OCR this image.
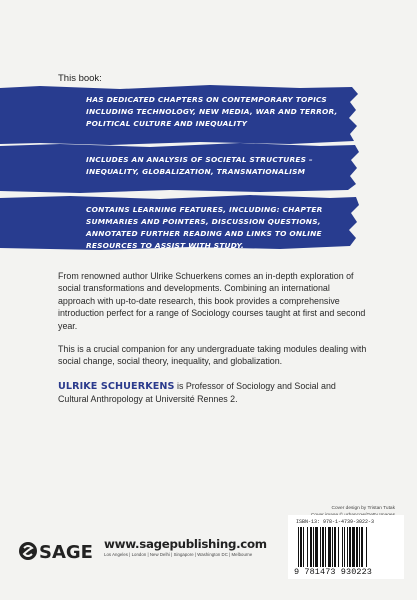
This book:
HAS DEDICATED CHAPTERS ON CONTEMPORARY TOPICS INCLUDING TECHNOLOGY, NEW MEDIA, WAR AND TERROR, POLITICAL CULTURE AND INEQUALITY
INCLUDES AN ANALYSIS OF SOCIETAL STRUCTURES – INEQUALITY, GLOBALIZATION, TRANSNATIONALISM
CONTAINS LEARNING FEATURES, INCLUDING: CHAPTER SUMMARIES AND POINTERS, DISCUSSION QUESTIONS, ANNOTATED FURTHER READING AND LINKS TO ONLINE RESOURCES TO ASSIST WITH STUDY.

From renowned author Ulrike Schuerkens comes an in-depth exploration of social transformations and developments. Combining an international approach with up-to-date research, this book provides a comprehensive introduction perfect for a range of Sociology courses taught at first and second year.

This is a crucial companion for any undergraduate taking modules dealing with social change, social theory, inequality, and globalization.

ULRIKE SCHUERKENS is Professor of Sociology and Social and Cultural Anthropology at Université Rennes 2.

Cover design by Tristan Tutak
ISBN-13: 978-1-4739-3022-3
9 781473 930223
SAGE www.sagepublishing.com
Los Angeles | London | New Delhi | Singapore | Washington DC | Melbourne
